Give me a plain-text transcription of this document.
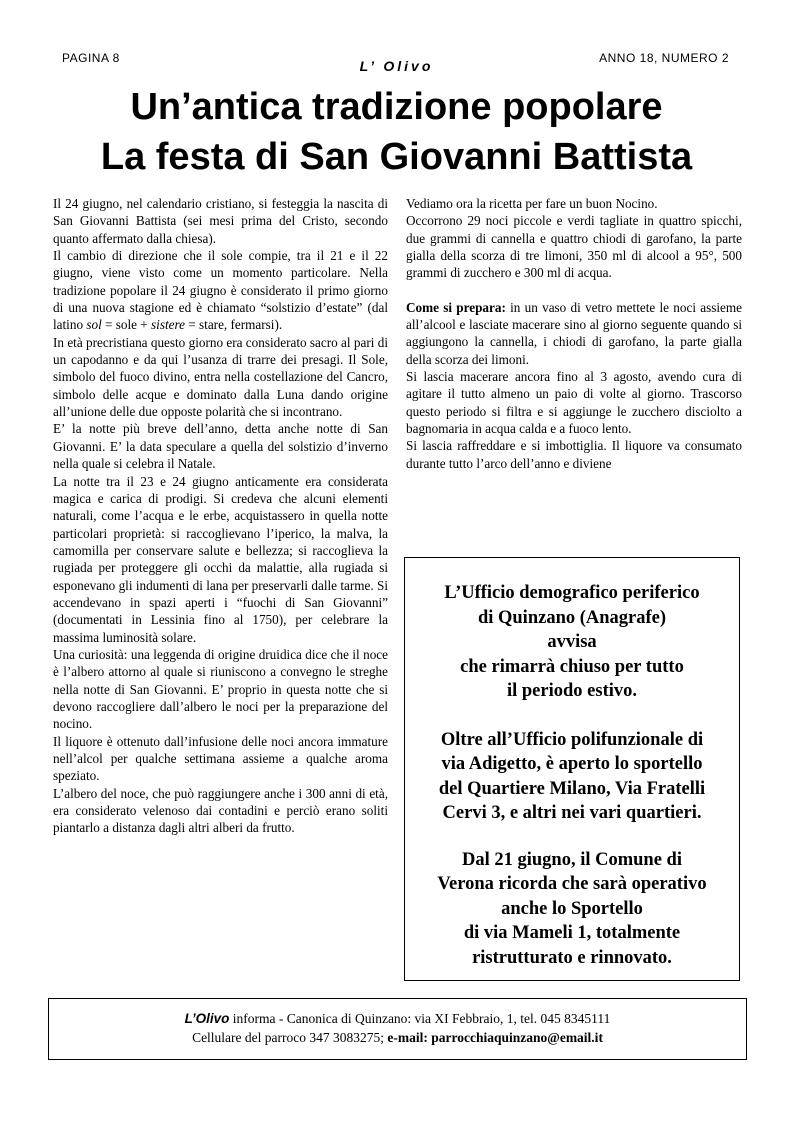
PAGINA 8	L’ Olivo	ANNO 18, NUMERO 2
Un’antica tradizione popolare
La festa di San Giovanni Battista

Il 24 giugno, nel calendario cristiano, si festeggia la nascita di San Giovanni Battista (sei mesi prima del Cristo, secondo quanto affermato dalla chiesa).

Il cambio di direzione che il sole compie, tra il 21 e il 22 giugno, viene visto come un momento particolare. Nella tradizione popolare il 24 giugno è considerato il primo giorno di una nuova stagione ed è chiamato “solstizio d’estate” (dal latino sol = sole + sistere = stare, fermarsi).

In età precristiana questo giorno era considerato sacro al pari di un capodanno e da qui l’usanza di trarre dei presagi. Il Sole, simbolo del fuoco divino, entra nella costellazione del Cancro, simbolo delle acque e dominato dalla Luna dando origine all’unione delle due opposte polarità che si incontrano.

E’ la notte più breve dell’anno, detta anche notte di San Giovanni. E’ la data speculare a quella del solstizio d’inverno nella quale si celebra il Natale.

La notte tra il 23 e 24 giugno anticamente era considerata magica e carica di prodigi. Si credeva che alcuni elementi naturali, come l’acqua e le erbe, acquistassero in quella notte particolari proprietà: si raccoglievano l’iperico, la malva, la camomilla per conservare salute e bellezza; si raccoglieva la rugiada per proteggere gli occhi da malattie, alla rugiada si esponevano gli indumenti di lana per preservarli dalle tarme. Si accendevano in spazi aperti i “fuochi di San Giovanni” (documentati in Lessinia fino al 1750), per celebrare la massima luminosità solare.

Una curiosità: una leggenda di origine druidica dice che il noce è l’albero attorno al quale si riuniscono a convegno le streghe nella notte di San Giovanni. E’ proprio in questa notte che si devono raccogliere dall’albero le noci per la preparazione del nocino.

Il liquore è ottenuto dall’infusione delle noci ancora immature nell’alcol per qualche settimana assieme a qualche aroma speziato.

L’albero del noce, che può raggiungere anche i 300 anni di età, era considerato velenoso dai contadini e perciò erano soliti piantarlo a distanza dagli altri alberi da frutto.

Vediamo ora la ricetta per fare un buon Nocino.

Occorrono 29 noci piccole e verdi tagliate in quattro spicchi, due grammi di cannella e quattro chiodi di garofano, la parte gialla della scorza di tre limoni, 350 ml di alcool a 95°, 500 grammi di zucchero e 300 ml di acqua.

Come si prepara: in un vaso di vetro mettete le noci assieme all’alcool e lasciate macerare sino al giorno seguente quando si aggiungono la cannella, i chiodi di garofano, la parte gialla della scorza dei limoni.

Si lascia macerare ancora fino al 3 agosto, avendo cura di agitare il tutto almeno un paio di volte al giorno. Trascorso questo periodo si filtra e si aggiunge le zucchero disciolto a bagnomaria in acqua calda e a fuoco lento.

Si lascia raffreddare e si imbottiglia. Il liquore va consumato durante tutto l’arco dell’anno e diviene

L’Ufficio demografico periferico
di Quinzano (Anagrafe)
avvisa
che rimarrà chiuso per tutto
il periodo estivo.

Oltre all’Ufficio polifunzionale di
via Adigetto, è aperto lo sportello
del Quartiere Milano, Via Fratelli
Cervi 3, e altri nei vari quartieri.

Dal 21 giugno, il Comune di
Verona ricorda che sarà operativo
anche lo Sportello
di via Mameli 1, totalmente
ristrutturato e rinnovato.

L’Olivo informa - Canonica di Quinzano: via XI Febbraio, 1, tel. 045 8345111
Cellulare del parroco 347 3083275; e-mail: parrocchiaquinzano@email.it
